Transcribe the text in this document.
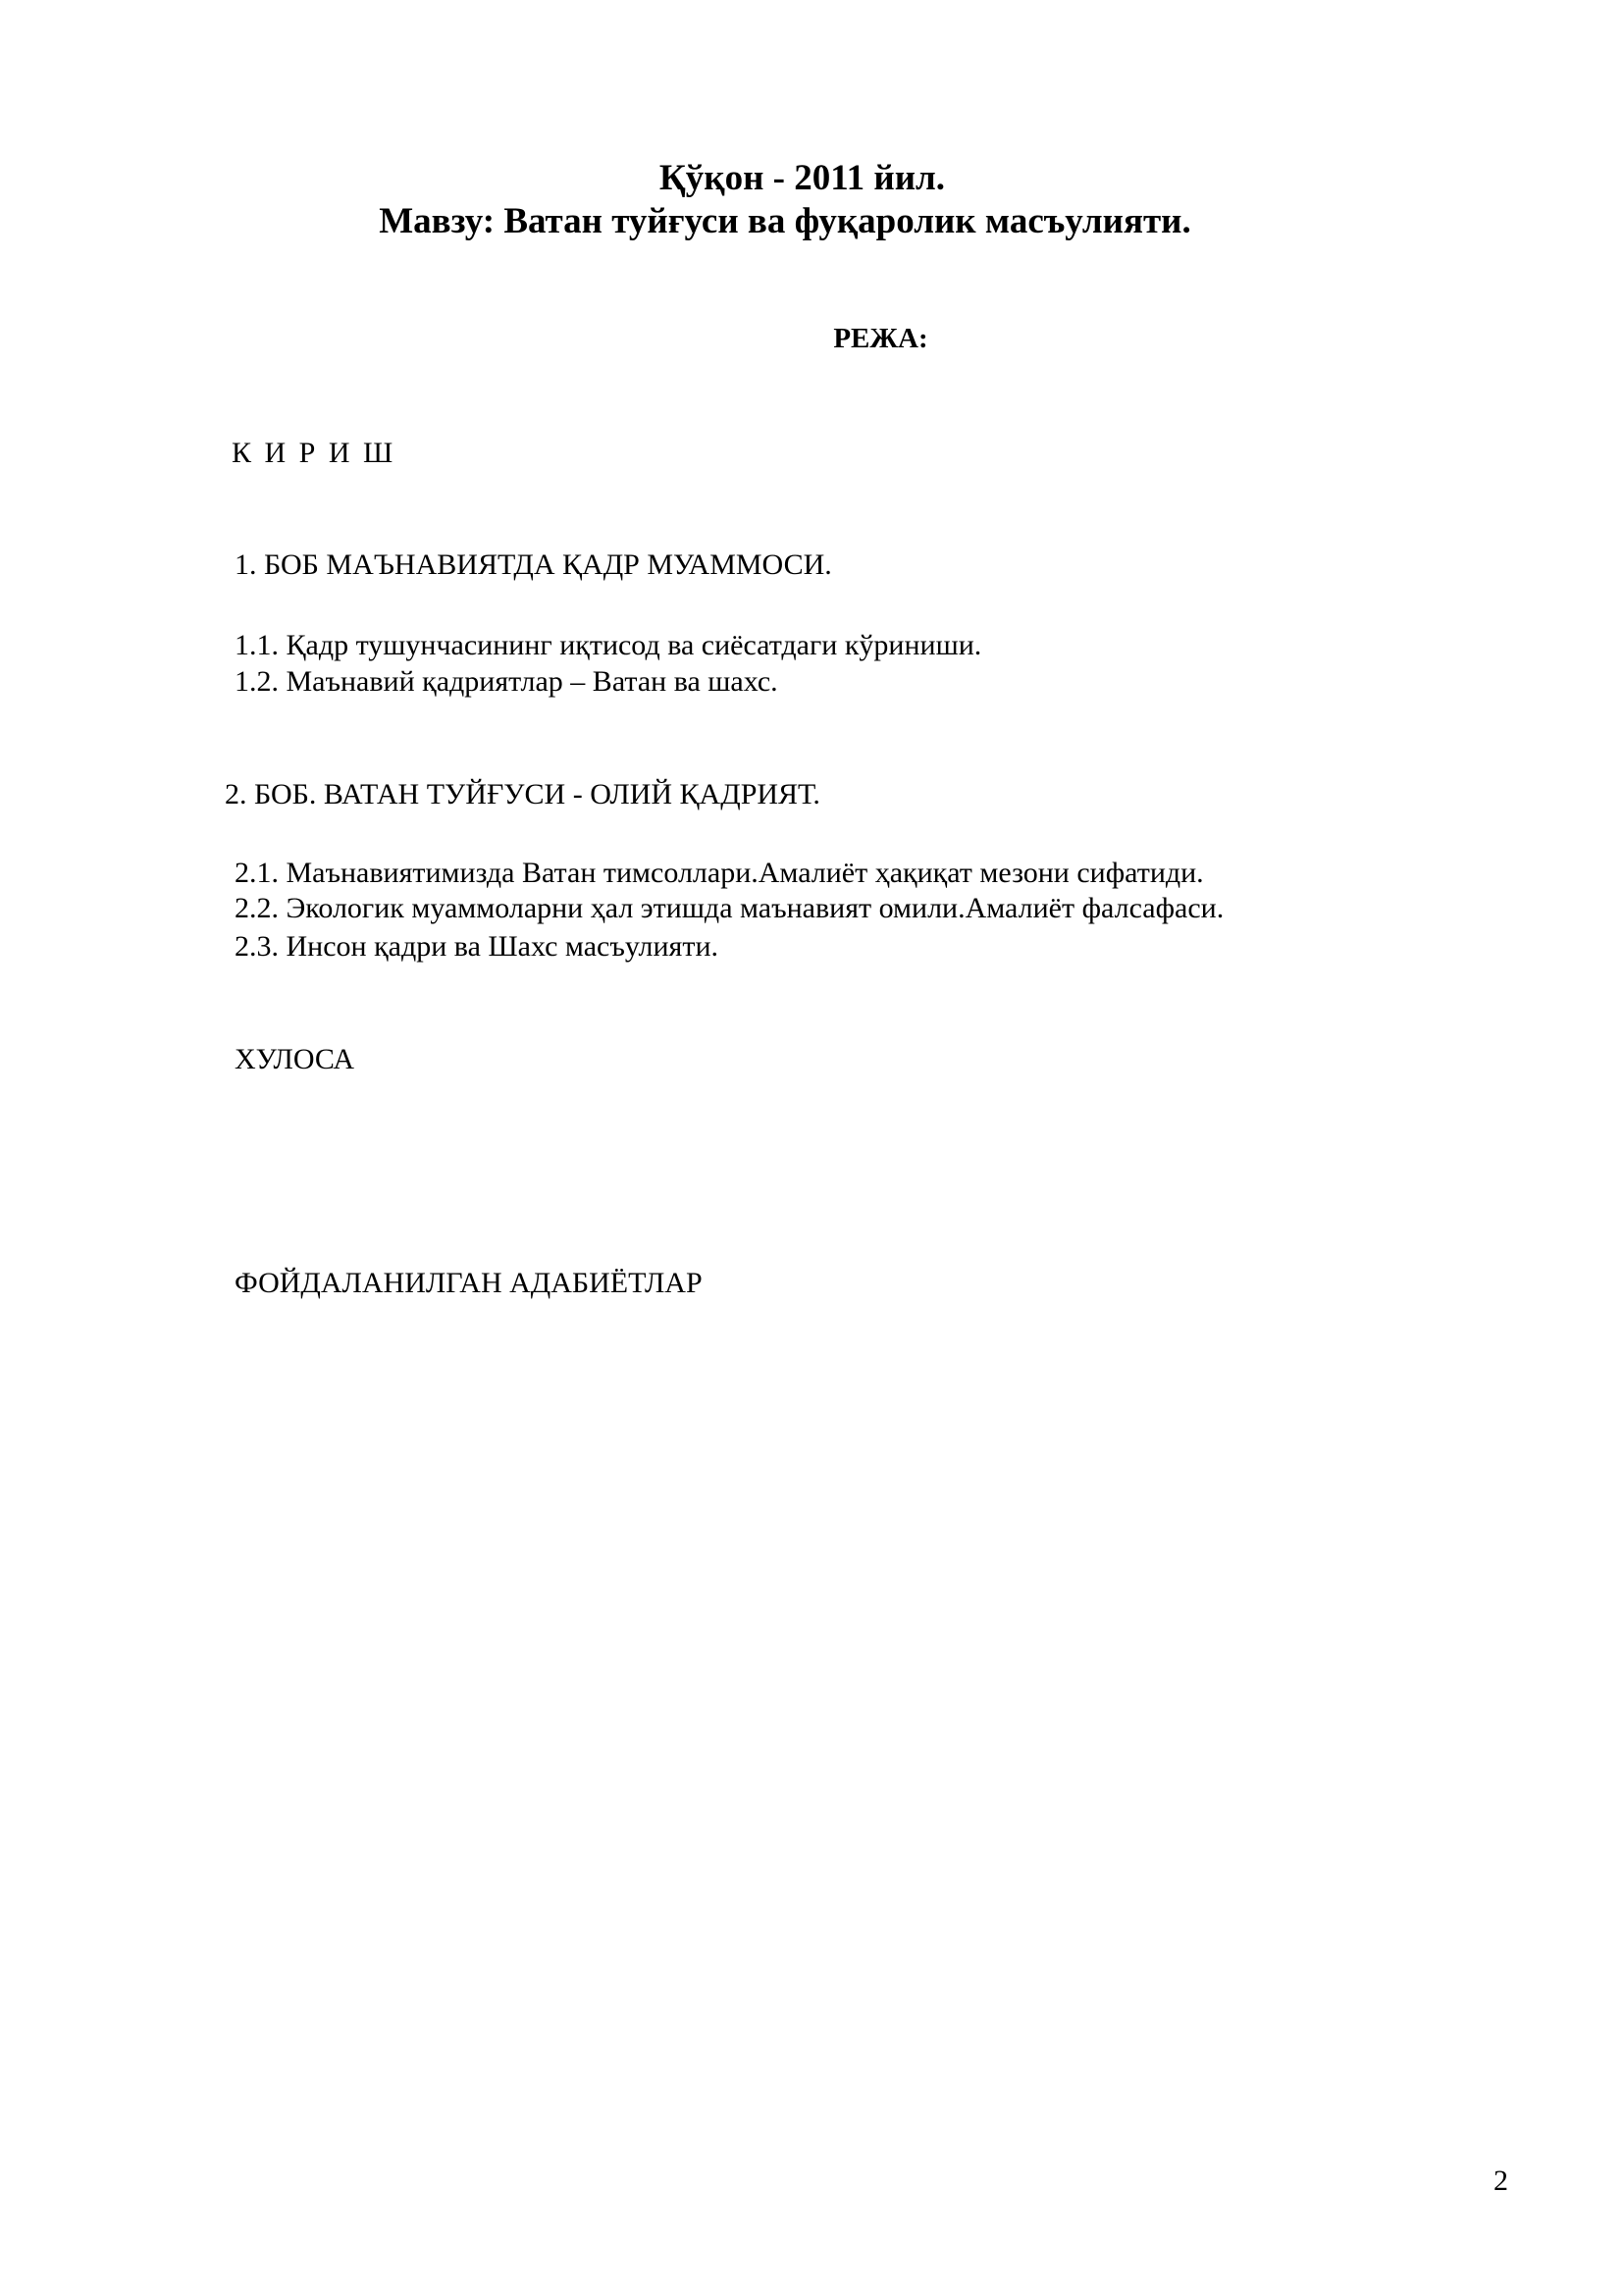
Қўқон - 2011 йил.
Мавзу: Ватан туйғуси ва фуқаролик масъулияти.
РЕЖА:
К И Р И Ш
1. БОБ МАЪНАВИЯТДА ҚАДР МУАММОСИ.
1.1. Қадр тушунчасининг иқтисод ва сиёсатдаги кўриниши.
1.2. Маънавий қадриятлар – Ватан ва шахс.
2. БОБ. ВАТАН ТУЙҒУСИ - ОЛИЙ ҚАДРИЯТ.
2.1. Маънавиятимизда Ватан тимсоллари.Амалиёт ҳақиқат мезони сифатиди.
2.2. Экологик муаммоларни ҳал этишда маънавият омили.Амалиёт фалсафаси.
2.3. Инсон қадри ва Шахс масъулияти.
ХУЛОСА
ФОЙДАЛАНИЛГАН АДАБИЁТЛАР
2
